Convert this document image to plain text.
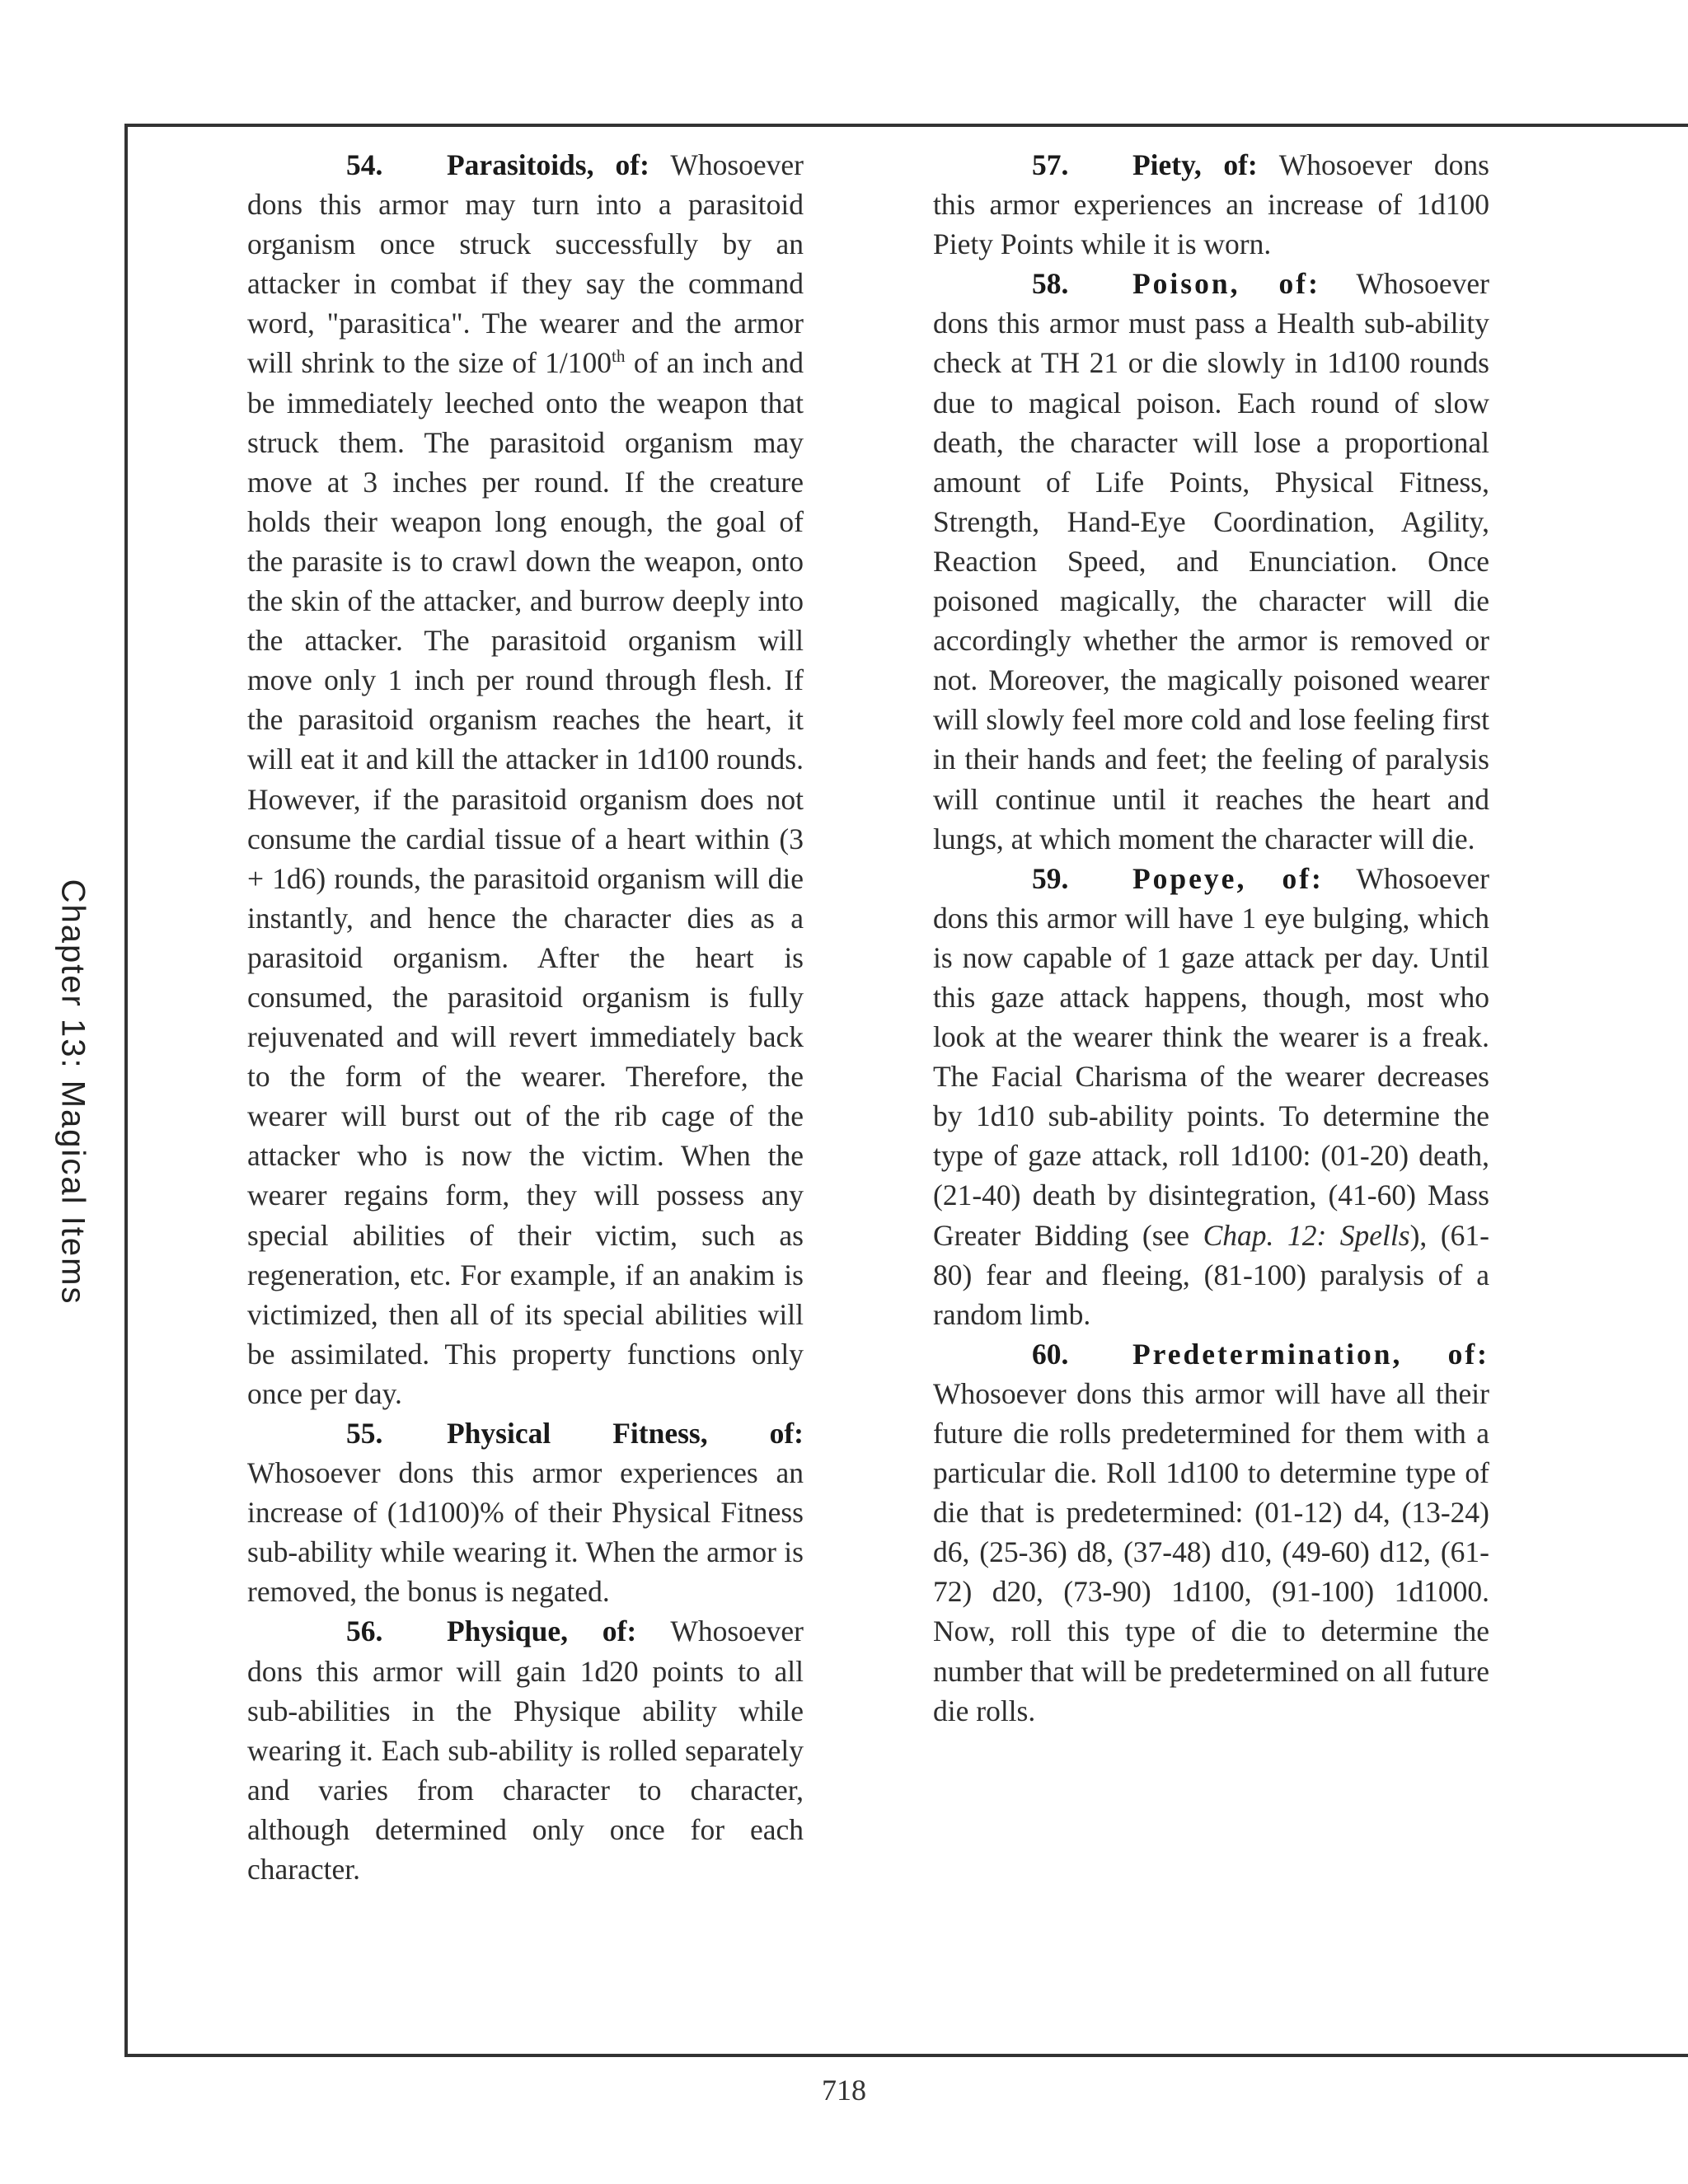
Chapter 13: Magical Items

54. Parasitoids, of: Whosoever dons this armor may turn into a parasitoid organism once struck successfully by an attacker in combat if they say the command word, "parasitica". The wearer and the armor will shrink to the size of 1/100th of an inch and be immediately leeched onto the weapon that struck them. The parasitoid organism may move at 3 inches per round. If the creature holds their weapon long enough, the goal of the parasite is to crawl down the weapon, onto the skin of the attacker, and burrow deeply into the attacker. The parasitoid organism will move only 1 inch per round through flesh. If the parasitoid organism reaches the heart, it will eat it and kill the attacker in 1d100 rounds. However, if the parasitoid organism does not consume the cardial tissue of a heart within (3 + 1d6) rounds, the parasitoid organism will die instantly, and hence the character dies as a parasitoid organism. After the heart is consumed, the parasitoid organism is fully rejuvenated and will revert immediately back to the form of the wearer. Therefore, the wearer will burst out of the rib cage of the attacker who is now the victim. When the wearer regains form, they will possess any special abilities of their victim, such as regeneration, etc. For example, if an anakim is victimized, then all of its special abilities will be assimilated. This property functions only once per day.

55. Physical Fitness, of: Whosoever dons this armor experiences an increase of (1d100)% of their Physical Fitness sub-ability while wearing it. When the armor is removed, the bonus is negated.

56. Physique, of: Whosoever dons this armor will gain 1d20 points to all sub-abilities in the Physique ability while wearing it. Each sub-ability is rolled separately and varies from character to character, although determined only once for each character.

57. Piety, of: Whosoever dons this armor experiences an increase of 1d100 Piety Points while it is worn.

58. Poison, of: Whosoever dons this armor must pass a Health sub-ability check at TH 21 or die slowly in 1d100 rounds due to magical poison. Each round of slow death, the character will lose a proportional amount of Life Points, Physical Fitness, Strength, Hand-Eye Coordination, Agility, Reaction Speed, and Enunciation. Once poisoned magically, the character will die accordingly whether the armor is removed or not. Moreover, the magically poisoned wearer will slowly feel more cold and lose feeling first in their hands and feet; the feeling of paralysis will continue until it reaches the heart and lungs, at which moment the character will die.

59. Popeye, of: Whosoever dons this armor will have 1 eye bulging, which is now capable of 1 gaze attack per day. Until this gaze attack happens, though, most who look at the wearer think the wearer is a freak. The Facial Charisma of the wearer decreases by 1d10 sub-ability points. To determine the type of gaze attack, roll 1d100: (01-20) death, (21-40) death by disintegration, (41-60) Mass Greater Bidding (see Chap. 12: Spells), (61-80) fear and fleeing, (81-100) paralysis of a random limb.

60. Predetermination, of: Whosoever dons this armor will have all their future die rolls predetermined for them with a particular die. Roll 1d100 to determine type of die that is predetermined: (01-12) d4, (13-24) d6, (25-36) d8, (37-48) d10, (49-60) d12, (61-72) d20, (73-90) 1d100, (91-100) 1d1000. Now, roll this type of die to determine the number that will be predetermined on all future die rolls.

718
